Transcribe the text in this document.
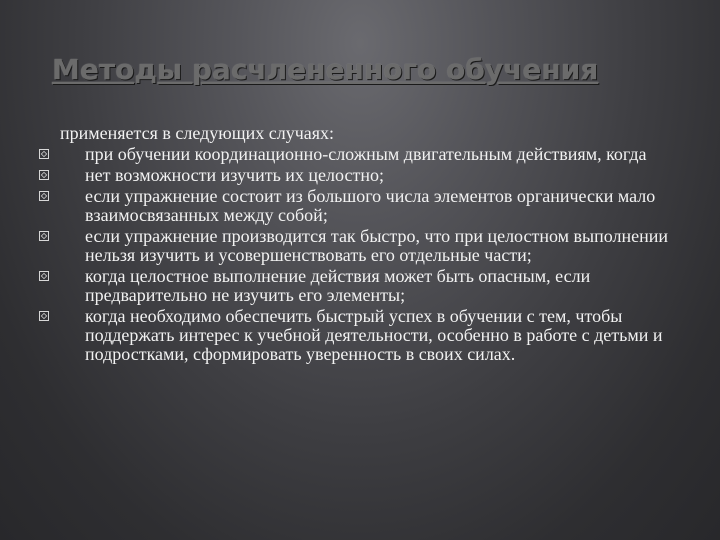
Методы расчлененного обучения

применяется в следующих случаях:

при обучении координационно-сложным двигательным действиям, когда
нет возможности изучить их целостно;
если упражнение состоит из большого числа элементов органически мало взаимосвязанных между собой;
если упражнение производится так быстро, что при целостном выполнении нельзя изучить и усовершенствовать его отдельные части;
когда целостное выполнение действия может быть опасным, если предварительно не изучить его элементы;
когда необходимо обеспечить быстрый успех в обучении с тем, чтобы поддержать интерес к учебной деятельности, особенно в работе с детьми и подростками, сформировать уверенность в своих силах.
